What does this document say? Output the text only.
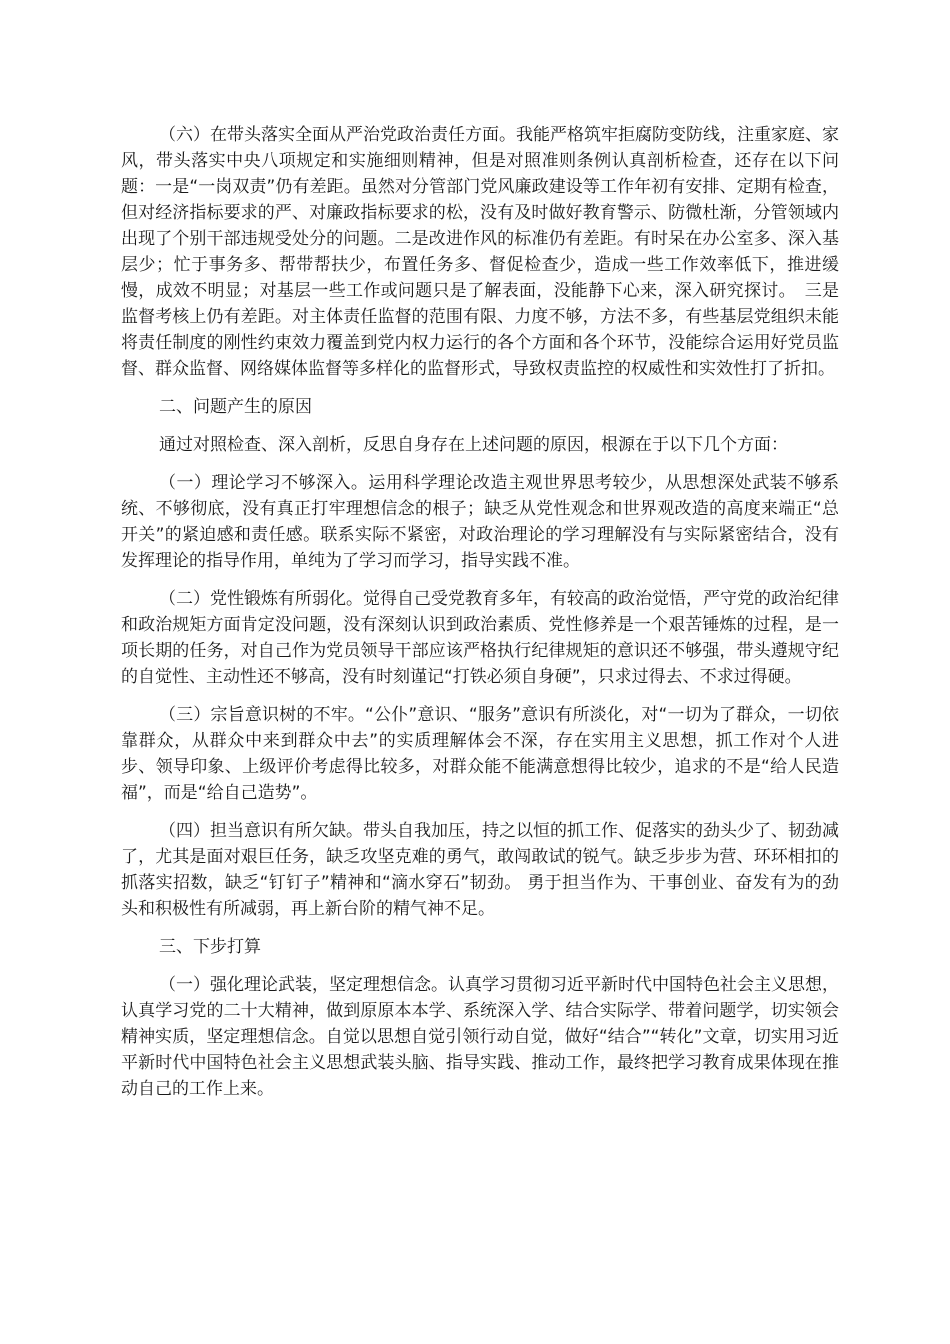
（六）在带头落实全面从严治党政治责任方面。我能严格筑牢拒腐防变防线，注重家庭、家风，带头落实中央八项规定和实施细则精神，但是对照准则条例认真剖析检查，还存在以下问题：一是“一岗双责”仍有差距。虽然对分管部门党风廉政建设等工作年初有安排、定期有检查，但对经济指标要求的严、对廉政指标要求的松，没有及时做好教育警示、防微杜渐，分管领域内出现了个别干部违规受处分的问题。二是改进作风的标准仍有差距。有时呆在办公室多、深入基层少；忙于事务多、帮带帮扶少，布置任务多、督促检查少，造成一些工作效率低下，推进缓慢，成效不明显；对基层一些工作或问题只是了解表面，没能静下心来，深入研究探讨。　三是监督考核上仍有差距。对主体责任监督的范围有限、力度不够，方法不多，有些基层党组织未能将责任制度的刚性约束效力覆盖到党内权力运行的各个方面和各个环节，没能综合运用好党员监督、群众监督、网络媒体监督等多样化的监督形式，导致权责监控的权威性和实效性打了折扣。

二、问题产生的原因

通过对照检查、深入剖析，反思自身存在上述问题的原因，根源在于以下几个方面：

（一）理论学习不够深入。运用科学理论改造主观世界思考较少，从思想深处武装不够系统、不够彻底，没有真正打牢理想信念的根子；缺乏从党性观念和世界观改造的高度来端正“总开关”的紧迫感和责任感。联系实际不紧密，对政治理论的学习理解没有与实际紧密结合，没有发挥理论的指导作用，单纯为了学习而学习，指导实践不准。

（二）党性锻炼有所弱化。觉得自己受党教育多年，有较高的政治觉悟，严守党的政治纪律和政治规矩方面肯定没问题，没有深刻认识到政治素质、党性修养是一个艰苦锤炼的过程，是一项长期的任务，对自己作为党员领导干部应该严格执行纪律规矩的意识还不够强，带头遵规守纪的自觉性、主动性还不够高，没有时刻谨记“打铁必须自身硬”，只求过得去、不求过得硬。

（三）宗旨意识树的不牢。“公仆”意识、“服务”意识有所淡化，对“一切为了群众，一切依靠群众，从群众中来到群众中去”的实质理解体会不深，存在实用主义思想，抓工作对个人进步、领导印象、上级评价考虑得比较多，对群众能不能满意想得比较少，追求的不是“给人民造福”，而是“给自己造势”。

（四）担当意识有所欠缺。带头自我加压，持之以恒的抓工作、促落实的劲头少了、韧劲减了，尤其是面对艰巨任务，缺乏攻坚克难的勇气，敢闯敢试的锐气。缺乏步步为营、环环相扣的抓落实招数，缺乏“钉钉子”精神和“滴水穿石”韧劲。 勇于担当作为、干事创业、奋发有为的劲头和积极性有所减弱，再上新台阶的精气神不足。

三、下步打算

（一）强化理论武装，坚定理想信念。认真学习贯彻习近平新时代中国特色社会主义思想，认真学习党的二十大精神，做到原原本本学、系统深入学、结合实际学、带着问题学，切实领会精神实质，坚定理想信念。自觉以思想自觉引领行动自觉，做好“结合”“转化”文章，切实用习近平新时代中国特色社会主义思想武装头脑、指导实践、推动工作，最终把学习教育成果体现在推动自己的工作上来。
